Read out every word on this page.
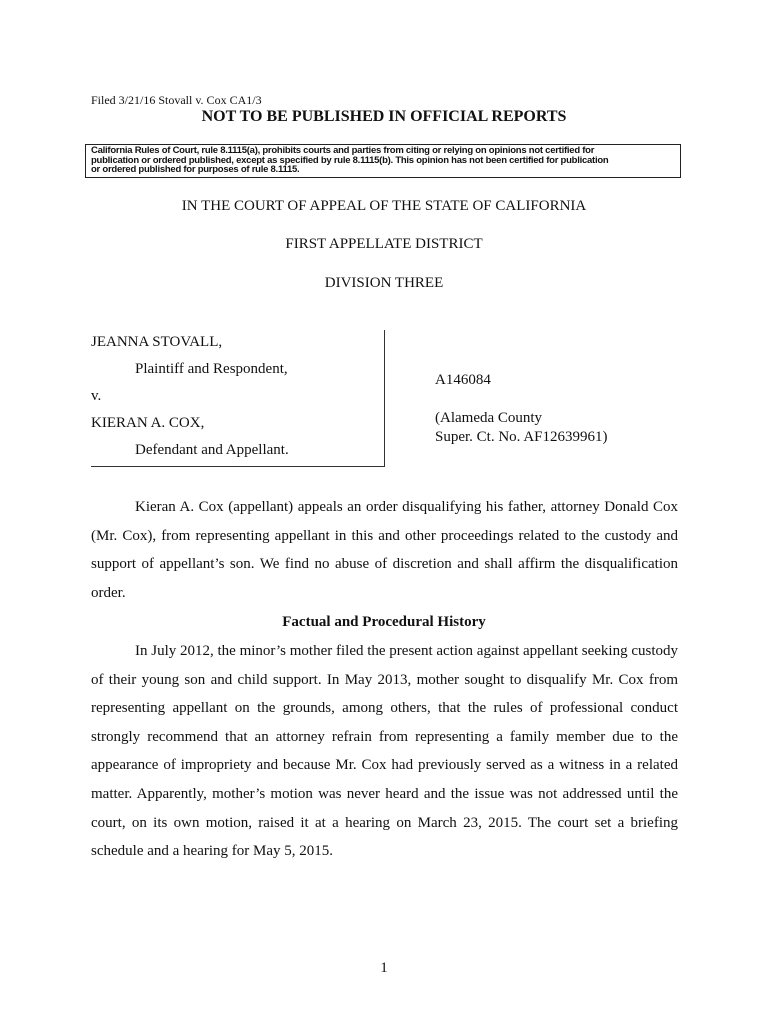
Filed 3/21/16 Stovall v. Cox CA1/3
NOT TO BE PUBLISHED IN OFFICIAL REPORTS
California Rules of Court, rule 8.1115(a), prohibits courts and parties from citing or relying on opinions not certified for
publication or ordered published, except as specified by rule 8.1115(b). This opinion has not been certified for publication
or ordered published for purposes of rule 8.1115.
IN THE COURT OF APPEAL OF THE STATE OF CALIFORNIA
FIRST APPELLATE DISTRICT
DIVISION THREE
JEANNA STOVALL,
Plaintiff and Respondent,
v.
KIERAN A. COX,
Defendant and Appellant.
A146084
(Alameda County
Super. Ct. No. AF12639961)

Kieran A. Cox (appellant) appeals an order disqualifying his father, attorney Donald Cox (Mr. Cox), from representing appellant in this and other proceedings related to the custody and support of appellant’s son. We find no abuse of discretion and shall affirm the disqualification order.

Factual and Procedural History

In July 2012, the minor’s mother filed the present action against appellant seeking custody of their young son and child support. In May 2013, mother sought to disqualify Mr. Cox from representing appellant on the grounds, among others, that the rules of professional conduct strongly recommend that an attorney refrain from representing a family member due to the appearance of impropriety and because Mr. Cox had previously served as a witness in a related matter. Apparently, mother’s motion was never heard and the issue was not addressed until the court, on its own motion, raised it at a hearing on March 23, 2015. The court set a briefing schedule and a hearing for May 5, 2015.

1
